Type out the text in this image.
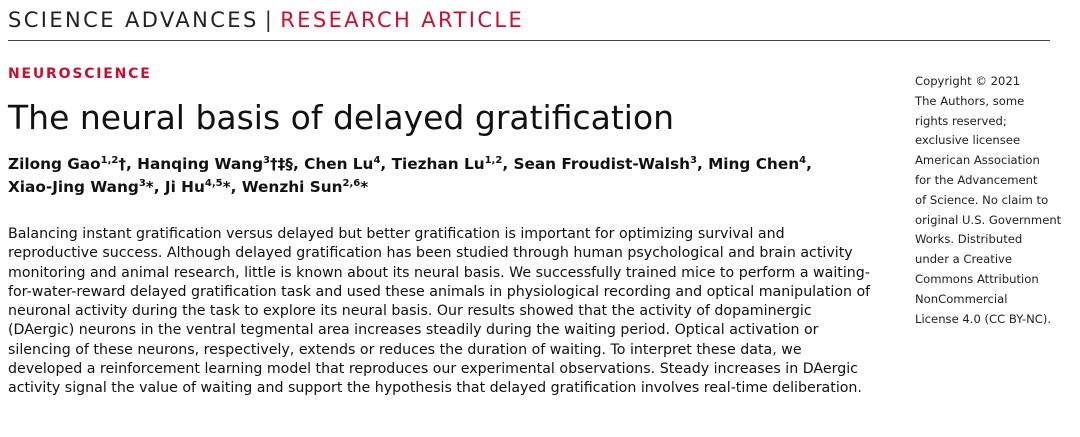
SCIENCE ADVANCES | RESEARCH ARTICLE
NEUROSCIENCE
The neural basis of delayed gratification
Zilong Gao$^{1,2}$†, Hanqing Wang$^3$†‡§, Chen Lu$^4$, Tiezhan Lu$^{1,2}$, Sean Froudist-Walsh$^3$, Ming Chen$^4$,
Xiao-Jing Wang$^3$*, Ji Hu$^{4,5}$*, Wenzhi Sun$^{2,6}$*
Balancing instant gratification versus delayed but better gratification is important for optimizing survival and reproductive success. Although delayed gratification has been studied through human psychological and brain activity monitoring and animal research, little is known about its neural basis. We successfully trained mice to perform a waiting-for-water-reward delayed gratification task and used these animals in physiological recording and optical manipulation of neuronal activity during the task to explore its neural basis. Our results showed that the activity of dopaminergic (DAergic) neurons in the ventral tegmental area increases steadily during the waiting period. Optical activation or silencing of these neurons, respectively, extends or reduces the duration of waiting. To interpret these data, we developed a reinforcement learning model that reproduces our experimental observations. Steady increases in DAergic activity signal the value of waiting and support the hypothesis that delayed gratification involves real-time deliberation.
Copyright © 2021
The Authors, some
rights reserved;
exclusive licensee
American Association
for the Advancement
of Science. No claim to
original U.S. Government
Works. Distributed
under a Creative
Commons Attribution
NonCommercial
License 4.0 (CC BY-NC).
